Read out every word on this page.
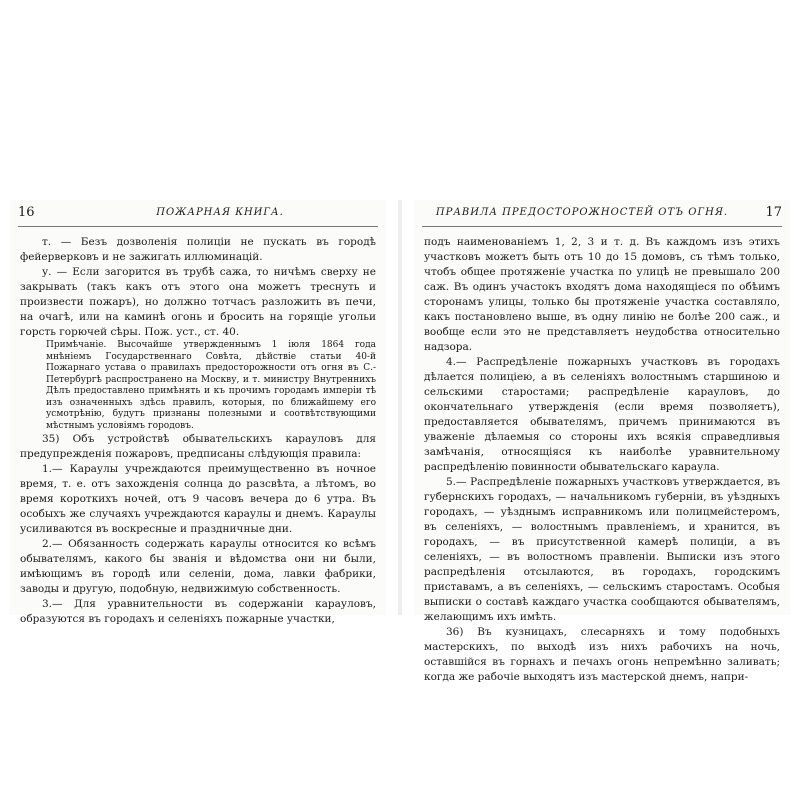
16	ПОЖАРНАЯ КНИГА.

т. — Безъ дозволенія полиціи не пускать въ городѣ фейерверковъ и не зажигать иллюминацій.

у. — Если загорится въ трубѣ сажа, то ничѣмъ сверху не закрывать (такъ какъ отъ этого она можетъ треснуть и произвести пожаръ), но должно тотчасъ разложить въ печи, на очагѣ, или на каминѣ огонь и бросить на горящіе угольи горсть горючей сѣры. Пож. уст., ст. 40.

Примѣчаніе. Высочайше утвержденнымъ 1 іюля 1864 года мнѣніемъ Государственнаго Совѣта, дѣйствіе статьи 40-й Пожарнаго устава о правилахъ предосторожности отъ огня въ С.-Петербургѣ распространено на Москву, и т. министру Внутреннихъ Дѣлъ предоставлено примѣнять и къ прочимъ городамъ имперіи тѣ изъ означенныхъ здѣсь правилъ, которыя, по ближайшему его усмотрѣнію, будутъ признаны полезными и соотвѣтствующими мѣстнымъ условіямъ городовъ.

35) Объ устройствѣ обывательскихъ карауловъ для предупрежденія пожаровъ, предписаны слѣдующія правила:

1.— Караулы учреждаются преимущественно въ ночное время, т. е. отъ захожденія солнца до разсвѣта, а лѣтомъ, во время короткихъ ночей, отъ 9 часовъ вечера до 6 утра. Въ особыхъ же случаяхъ учреждаются караулы и днемъ. Караулы усиливаются въ воскресные и праздничные дни.

2.— Обязанность содержать караулы относится ко всѣмъ обывателямъ, какого бы званія и вѣдомства они ни были, имѣющимъ въ городѣ или селеніи, дома, лавки фабрики, заводы и другую, подобную, недвижимую собственность.

3.— Для уравнительности въ содержаніи карауловъ, образуются въ городахъ и селеніяхъ пожарные участки,

ПРАВИЛА ПРЕДОСТОРОЖНОСТЕЙ ОТЪ ОГНЯ.	17

подъ наименованіемъ 1, 2, 3 и т. д. Въ каждомъ изъ этихъ участковъ можетъ быть отъ 10 до 15 домовъ, съ тѣмъ только, чтобъ общее протяженіе участка по улицѣ не превышало 200 саж. Въ одинъ участокъ входятъ дома находящіеся по обѣимъ сторонамъ улицы, только бы протяженіе участка составляло, какъ постановлено выше, въ одну линію не болѣе 200 саж., и вообще если это не представляетъ неудобства относительно надзора.

4.— Распредѣленіе пожарныхъ участковъ въ городахъ дѣлается полиціею, а въ селеніяхъ волостнымъ старшиною и сельскими старостами; распредѣленіе карауловъ, до окончательнаго утвержденія (если время позволяетъ), предоставляется обывателямъ, причемъ принимаются въ уваженіе дѣлаемыя со стороны ихъ всякія справедливыя замѣчанія, относящіяся къ наиболѣе уравнительному распредѣленію повинности обывательскаго караула.

5.— Распредѣленіе пожарныхъ участковъ утверждается, въ губернскихъ городахъ, — начальникомъ губерніи, въ уѣздныхъ городахъ, — уѣзднымъ исправникомъ или полицмейстеромъ, въ селеніяхъ, — волостнымъ правленіемъ, и хранится, въ городахъ, — въ присутственной камерѣ полиціи, а въ селеніяхъ, — въ волостномъ правленіи. Выписки изъ этого распредѣленія отсылаются, въ городахъ, городскимъ приставамъ, а въ селеніяхъ, — сельскимъ старостамъ. Особыя выписки о составѣ каждаго участка сообщаются обывателямъ, желающимъ ихъ имѣть.

36) Въ кузницахъ, слесарняхъ и тому подобныхъ мастерскихъ, по выходѣ изъ нихъ рабочихъ на ночь, оставшійся въ горнахъ и печахъ огонь непремѣнно заливать; когда же рабочіе выходятъ изъ мастерской днемъ, напри-
